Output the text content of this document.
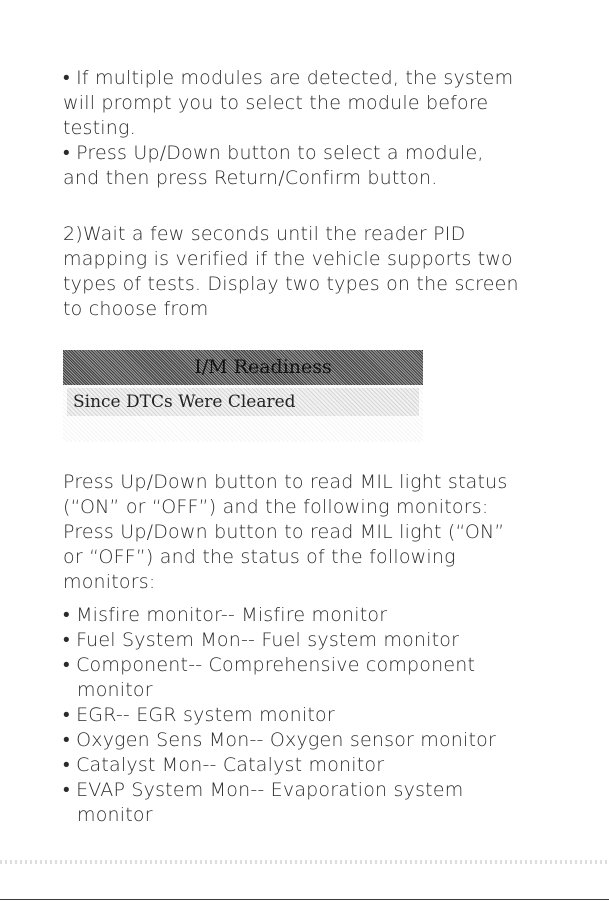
• If multiple modules are detected, the system
will prompt you to select the module before
testing.
• Press Up/Down button to select a module,
and then press Return/Confirm button.
2)Wait a few seconds until the reader PID
mapping is verified if the vehicle supports two
types of tests. Display two types on the screen
to choose from
I/M Readiness
Since DTCs Were Cleared
Press Up/Down button to read MIL light status
(“ON” or “OFF”) and the following monitors:
Press Up/Down button to read MIL light (“ON”
or “OFF”) and the status of the following
monitors:
• Misfire monitor-- Misfire monitor
• Fuel System Mon-- Fuel system monitor
• Component-- Comprehensive component
monitor
• EGR-- EGR system monitor
• Oxygen Sens Mon-- Oxygen sensor monitor
• Catalyst Mon-- Catalyst monitor
• EVAP System Mon-- Evaporation system
monitor
